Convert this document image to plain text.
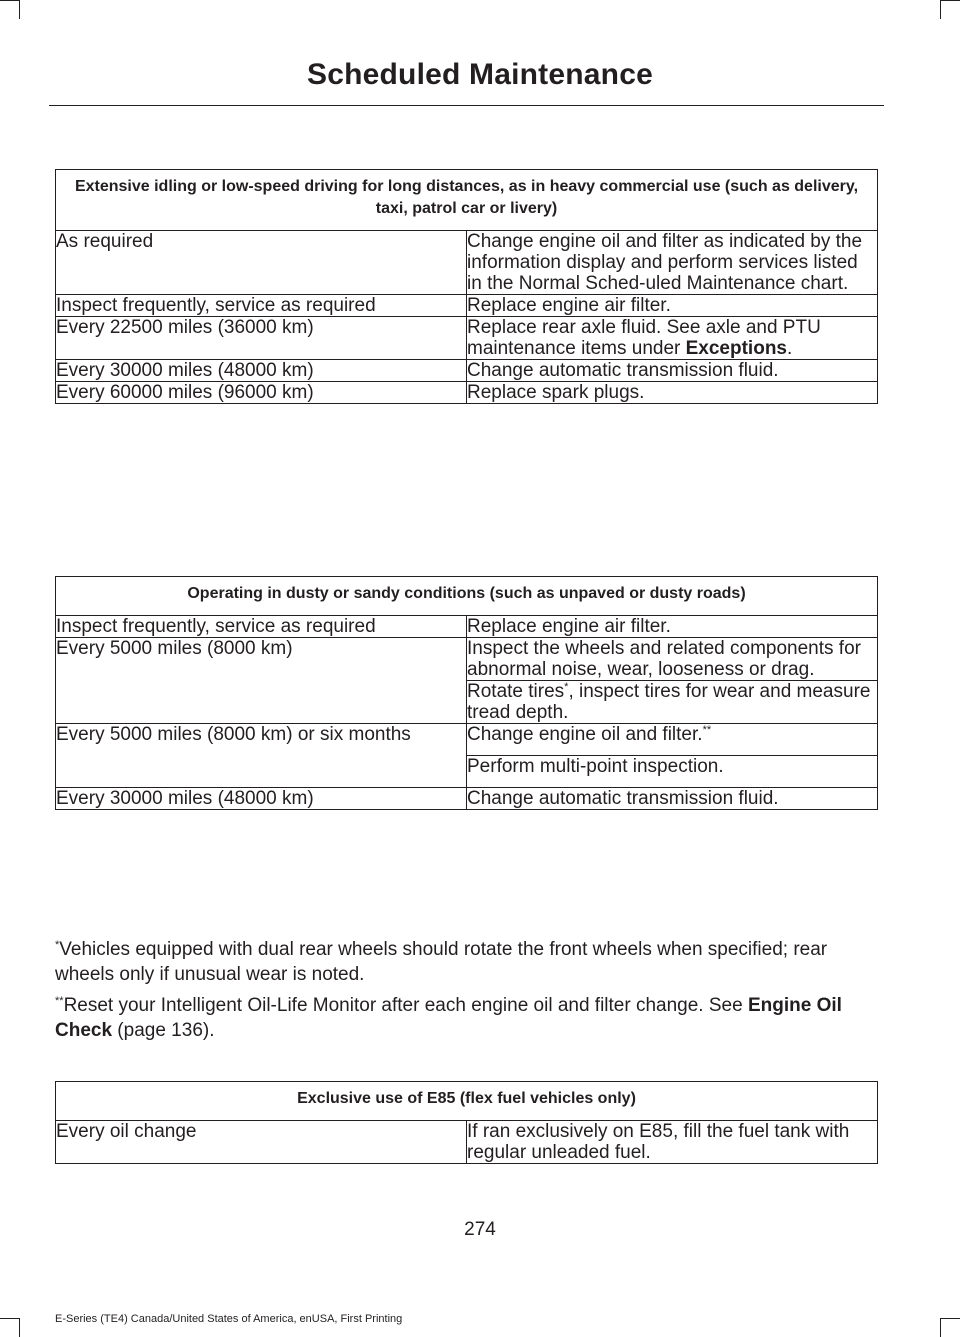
Scheduled Maintenance
Extensive idling or low-speed driving for long distances, as in heavy commercial use (such as delivery, taxi, patrol car or livery)	
As required	Change engine oil and filter as indicated by the information display and perform services listed in the Normal Sched-uled Maintenance chart.
Inspect frequently, service as required	Replace engine air filter.
Every 22500 miles (36000 km)	Replace rear axle fluid. See axle and PTU maintenance items under Exceptions.
Every 30000 miles (48000 km)	Change automatic transmission fluid.
Every 60000 miles (96000 km)	Replace spark plugs.
Operating in dusty or sandy conditions (such as unpaved or dusty roads)	
Inspect frequently, service as required	Replace engine air filter.
Every 5000 miles (8000 km)	Inspect the wheels and related components for abnormal noise, wear, looseness or drag.
	Rotate tires*, inspect tires for wear and measure tread depth.
Every 5000 miles (8000 km) or six months	Change engine oil and filter.**
	Perform multi-point inspection.
Every 30000 miles (48000 km)	Change automatic transmission fluid.
*Vehicles equipped with dual rear wheels should rotate the front wheels when specified; rear wheels only if unusual wear is noted.
**Reset your Intelligent Oil-Life Monitor after each engine oil and filter change. See Engine Oil Check (page 136).
Exclusive use of E85 (flex fuel vehicles only)
Every oil change	If ran exclusively on E85, fill the fuel tank with regular unleaded fuel.
274
E-Series (TE4) Canada/United States of America, enUSA, First Printing
